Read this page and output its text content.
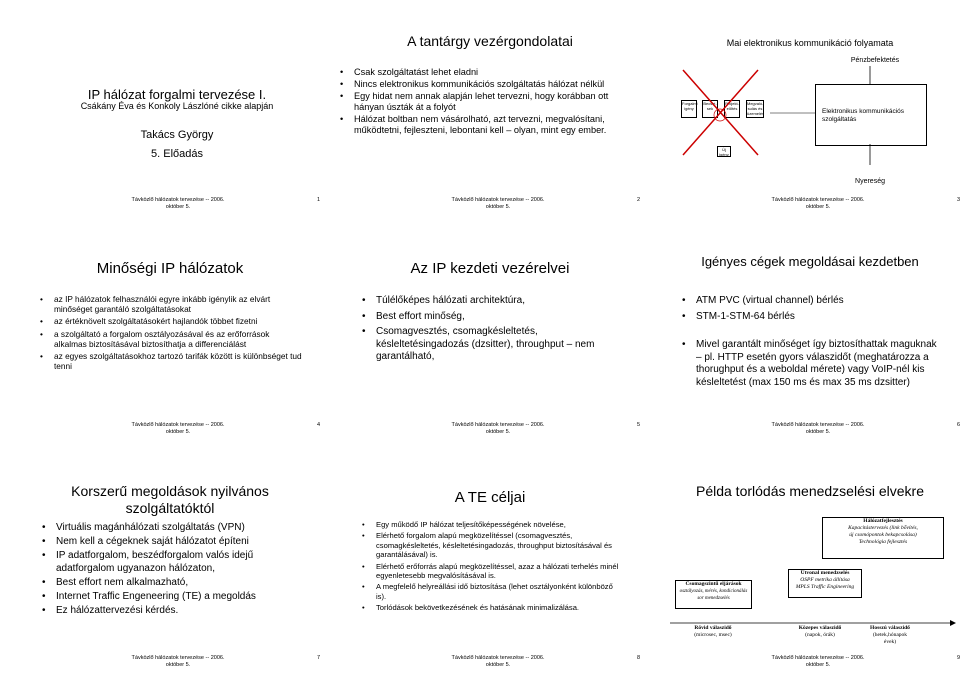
IP hálózat forgalmi tervezése I.
Csákány Éva és Konkoly Lászlóné cikke alapján
Takács György
5. Előadás
Távközlő hálózatok tervezése -- 2006. október 5.
1
A tantárgy vezérgondolatai
• Csak szolgáltatást lehet eladni
• Nincs elektronikus kommunikációs szolgáltatás hálózat nélkül
• Egy hidat nem annak alapján lehet tervezni, hogy korábban ott hányan úszták át a folyót
• Hálózat boltban nem vásárolható, azt tervezni, megvalósítani, működtetni, fejleszteni, lebontani kell – olyan, mint egy ember.
Távközlő hálózatok tervezése -- 2006. október 5.
2
Mai elektronikus kommunikáció folyamata
Pénzbefektetés
Elektronikus kommunikációs szolgáltatás
Forgalmi igény
Becslé- sek
Projekt- előtés
Megvaló- sulás és üzemelés
Új igény
Nyereség
Távközlő hálózatok tervezése -- 2006. október 5.
3
Minőségi IP hálózatok
• az IP hálózatok felhasználói egyre inkább igénylik az elvárt minőséget garantáló szolgáltatásokat
• az értéknövelt szolgáltatásokért hajlandók többet fizetni
• a szolgáltató a forgalom osztályozásával és az erőforrások alkalmas biztosításával biztosíthatja a differenciálást
• az egyes szolgáltatásokhoz tartozó tarifák között is különbséget tud tenni
Távközlő hálózatok tervezése -- 2006. október 5.
4
Az IP kezdeti vezérelvei
• Túlélőképes hálózati architektúra,
• Best effort minőség,
• Csomagvesztés, csomagkésleltetés, késleltetésingadozás (dzsitter), throughput – nem garantálható,
Távközlő hálózatok tervezése -- 2006. október 5.
5
Igényes cégek megoldásai kezdetben
• ATM PVC (virtual channel) bérlés
• STM-1-STM-64 bérlés
• Mivel garantált minőséget így biztosíthattak maguknak – pl. HTTP esetén gyors válaszidőt (meghatározza a thorughput és a weboldal mérete) vagy VoIP-nél kis késleltetést (max 150 ms és max 35 ms dzsitter)
Távközlő hálózatok tervezése -- 2006. október 5.
6
Korszerű megoldások nyilvános szolgáltatóktól
• Virtuális magánhálózati szolgáltatás (VPN)
• Nem kell a cégeknek saját hálózatot építeni
• IP adatforgalom, beszédforgalom valós idejű adatforgalom ugyanazon hálózaton,
• Best effort nem alkalmazható,
• Internet Traffic Engeneering (TE) a megoldás
• Ez hálózattervezési kérdés.
Távközlő hálózatok tervezése -- 2006. október 5.
7
A TE céljai
• Egy működő IP hálózat teljesítőképességének növelése,
• Elérhető forgalom alapú megközelítéssel (csomagvesztés, csomagkésleltetés, késleltetésingadozás, throughput biztosításával és garantálásával) is.
• Elérhető erőforrás alapú megközelítéssel, azaz a hálózati terhelés minél egyenletesebb megvalósításával is.
• A megfelelő helyreállási idő biztosítása (lehet osztályonként különböző is).
• Torlódások bekövetkezésének és hatásának minimalizálása.
Távközlő hálózatok tervezése -- 2006. október 5.
8
Példa torlódás menedzselési elvekre
Hálózatfejlesztés
Kapacitástervezés (link bővítés,
új csomópontok bekapcsolása)
Technológia fejlesztés
Csomagszintű eljárások
osztályozás, mérés, kondicionálás
sor menedzselés
Útvonal menedzselés
OSPF metrika állítása
MPLS Traffic Engineering
Rövid válaszidő
(microsec, msec)
Közepes válaszidő
(napok, órák)
Hosszú válaszidő
(hetek,hónapok
évek)
Távközlő hálózatok tervezése -- 2006. október 5.
9
